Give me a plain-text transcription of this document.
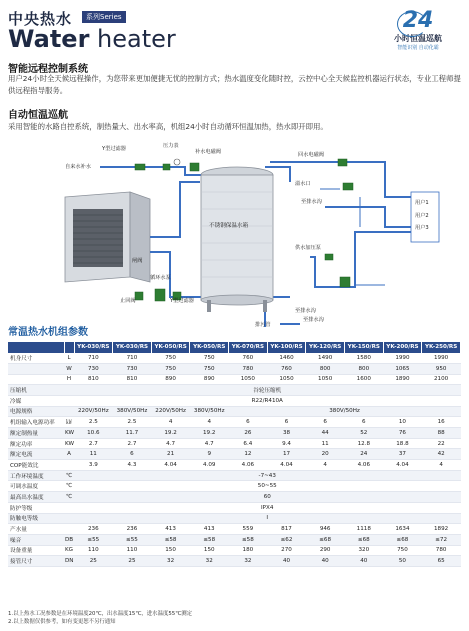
中央热水	系列Series
Water heater
24
小时恒温巡航
智能识别 自动化霸
智能远程控制系统
用户24小时全天候远程操作，为您带来更加便捷无忧的控制方式；热水温度变化随时控，云控中心全天候监控机器运行状态，专业工程师提供远程指导服务。
自动恒温巡航
采用智能的水路自控系统，制热量大、出水率高，机组24小时自动循环恒温加热，热水即开即用。
Y型过滤器	压力表
补水电磁阀
自来水补水
回水电磁阀
溢水口
至排水沟	用户1
用户2
用户3
供水加压泵
至排水沟
闸阀
循环水泵
止回阀	Y型过滤器
排污管
至排水沟
不锈钢保温水箱
常温热水机组参数
		YK-030/RS	YK-030/RS	YK-050/RS	YK-050/RS	YK-070/RS	YK-100/RS	YK-120/RS	YK-150/RS	YK-200/RS	YK-250/RS
机身尺寸	L	710	710	750	750	760	1460	1490	1580	1990	1990
	W	730	730	750	750	780	760	800	800	1065	950
	H	810	810	890	890	1050	1050	1050	1600	1890	2100
压缩机		谷轮压缩机									
冷媒		R22/R410A									
电源规格		220V/50Hz	380V/50Hz	220V/50Hz	380V/50Hz	380V/50Hz					
机组输入电源功率	㎾	2.5	2.5	4	4	6	6	6	6	10	16
额定制热量	KW	10.6	11.7	19.2	19.2	26	38	44	52	76	88
额定功率	KW	2.7	2.7	4.7	4.7	6.4	9.4	11	12.8	18.8	22
额定电流	A	11	6	21	9	12	17	20	24	37	42
COP能效比		3.9	4.3	4.04	4.09	4.06	4.04	4	4.06	4.04	4
工作环境温度	℃	-7~43									
可调水温度	℃	50~55									
最高出水温度	℃	60									
防护等级		IPX4									
防触电等级		I									
产水量		236	236	413	413	559	817	946	1118	1634	1892
噪音	DB	≤55	≤55	≤58	≤58	≤58	≤62	≤68	≤68	≤68	≤72
设备重量	KG	110	110	150	150	180	270	290	320	750	780
接管尺寸	DN	25	25	32	32	32	40	40	40	50	65
1.以上热水工况参数是在环境温度20℃，出水温度15℃，进水温度55℃测定
2.以上数据仅供参考，如有变更恕不另行通知
